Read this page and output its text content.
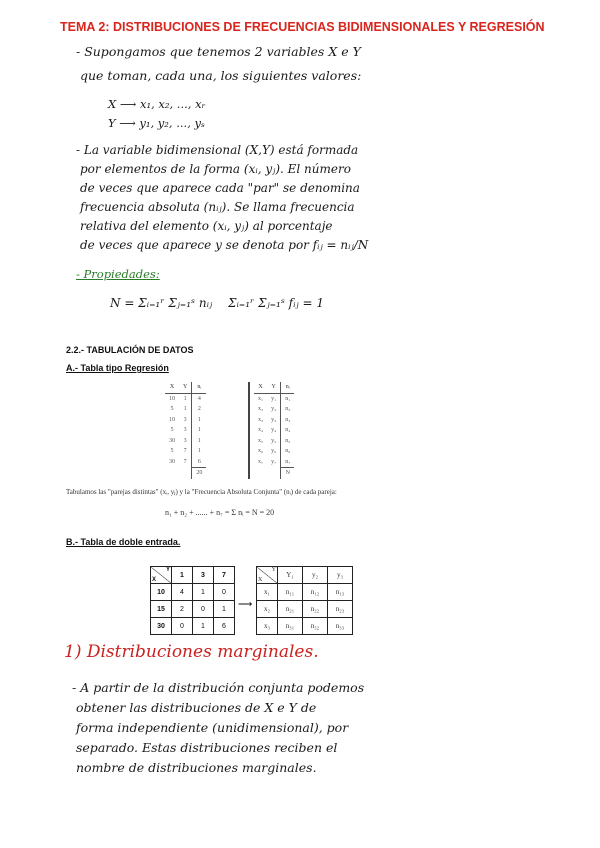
TEMA 2: DISTRIBUCIONES DE FRECUENCIAS BIDIMENSIONALES Y REGRESIÓN
- Supongamos que tenemos 2 variables X e Y
que toman, cada una, los siguientes valores:
X ⟶ x₁, x₂, ..., xᵣ
Y ⟶ y₁, y₂, ..., yₛ
- La variable bidimensional (X,Y) está formada
por elementos de la forma (xᵢ, yⱼ). El número
de veces que aparece cada "par" se denomina
frecuencia absoluta (nᵢⱼ). Se llama frecuencia
relativa del elemento (xᵢ, yⱼ) al porcentaje
de veces que aparece y se denota por fᵢⱼ = nᵢⱼ/N
- Propiedades:
N = Σᵢ₌₁ʳ Σⱼ₌₁ˢ nᵢⱼ Σᵢ₌₁ʳ Σⱼ₌₁ˢ fᵢⱼ = 1
2.2.- TABULACIÓN DE DATOS
A.- Tabla tipo Regresión
X	Y	nᵢ
10	1	4
5	1	2
10	3	1
5	3	1
30	3	1
5	7	1
30	7	6
		20
X	Y	nᵢ
x₁	y₁	n₁
x₂	y₂	n₂
x₃	y₃	n₃
x₄	y₄	n₄
x₅	y₅	n₅
x₆	y₆	n₆
x₇	y₇	n₇
		N
Tabulamos las "parejas distintas" (xᵢ, yⱼ) y la "Frecuencia Absoluta Conjunta" (nᵢ) de cada pareja:
n₁ + n₂ + ...... + n₇ = Σ nᵢ = N = 20
B.- Tabla de doble entrada.
Y
X	1	3	7
10	4	1	0
15	2	0	1
30	0	1	6
⟶
Y
X	Y₁	y₂	y₃
x₁	n₁₁	n₁₂	n₁₃
x₂	n₂₁	n₂₂	n₂₃
x₃	n₃₁	n₃₂	n₃₃
1) Distribuciones marginales.
- A partir de la distribución conjunta podemos
obtener las distribuciones de X e Y de
forma independiente (unidimensional), por
separado. Estas distribuciones reciben el
nombre de distribuciones marginales.
